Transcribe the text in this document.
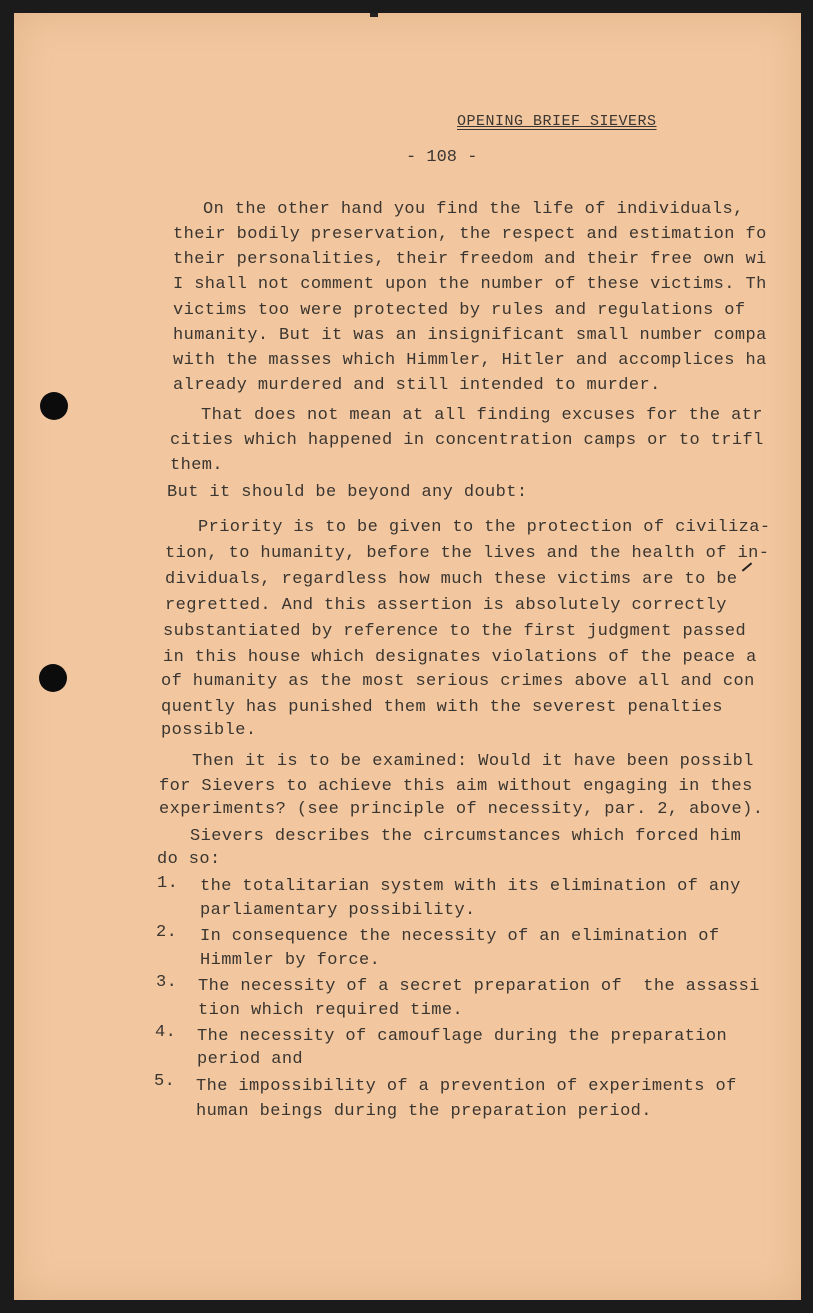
OPENING BRIEF SIEVERS
- 108 -
On the other hand you find the life of individuals,
their bodily preservation, the respect and estimation fo
their personalities, their freedom and their free own wi
I shall not comment upon the number of these victims. Th
victims too were protected by rules and regulations of
humanity. But it was an insignificant small number compa
with the masses which Himmler, Hitler and accomplices ha
already murdered and still intended to murder.
That does not mean at all finding excuses for the atr
cities which happened in concentration camps or to trifl
them.
But it should be beyond any doubt:
Priority is to be given to the protection of civiliza-
tion, to humanity, before the lives and the health of in-
dividuals, regardless how much these victims are to be
regretted. And this assertion is absolutely correctly
substantiated by reference to the first judgment passed
in this house which designates violations of the peace a
of humanity as the most serious crimes above all and con
quently has punished them with the severest penalties
possible.
Then it is to be examined: Would it have been possibl
for Sievers to achieve this aim without engaging in thes
experiments? (see principle of necessity, par. 2, above).
Sievers describes the circumstances which forced him
do so:
1. the totalitarian system with its elimination of any
parliamentary possibility.
2. In consequence the necessity of an elimination of
Himmler by force.
3. The necessity of a secret preparation of  the assassi
tion which required time.
4. The necessity of camouflage during the preparation
period and
5. The impossibility of a prevention of experiments of
human beings during the preparation period.
